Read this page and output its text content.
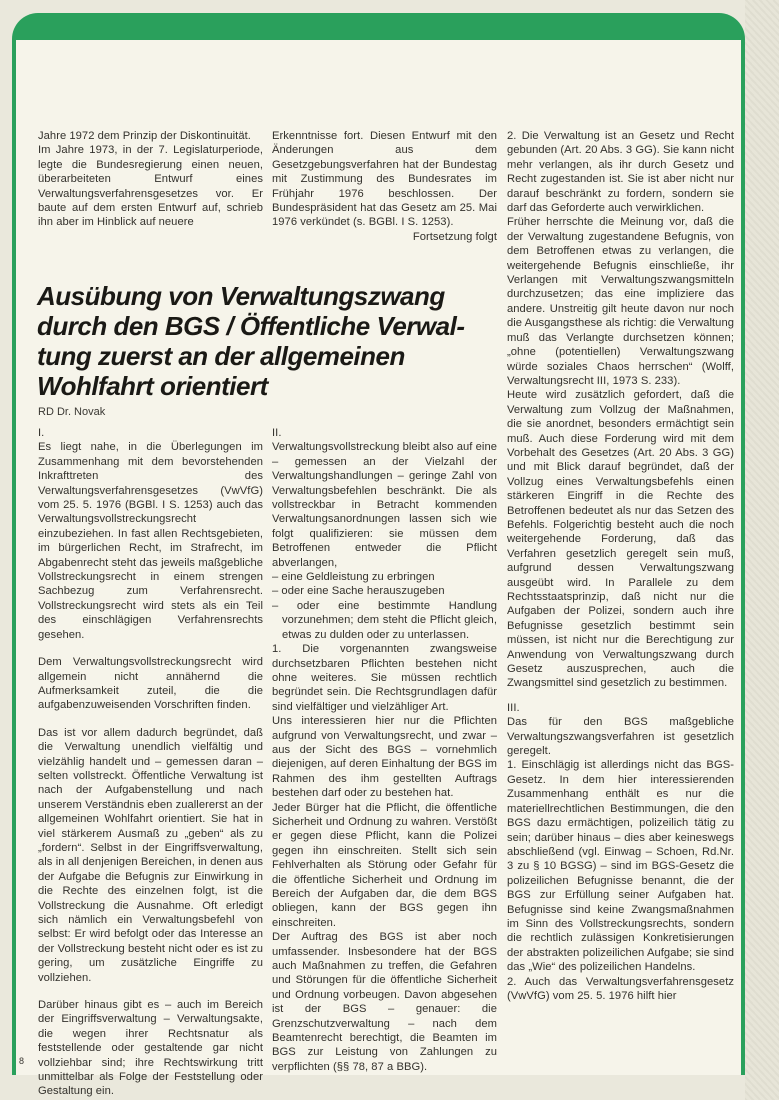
Jahre 1972 dem Prinzip der Diskontinuität.

Im Jahre 1973, in der 7. Legislaturperiode, legte die Bundesregierung einen neuen, überarbeiteten Entwurf eines Verwaltungsverfahrensgesetzes vor. Er baute auf dem ersten Entwurf auf, schrieb ihn aber im Hinblick auf neuere

Erkenntnisse fort. Diesen Entwurf mit den Änderungen aus dem Gesetzgebungsverfahren hat der Bundestag mit Zustimmung des Bundesrates im Frühjahr 1976 beschlossen. Der Bundespräsident hat das Gesetz am 25. Mai 1976 verkündet (s. BGBl. I S. 1253).

Fortsetzung folgt

Ausübung von Verwaltungszwang
durch den BGS / Öffentliche Verwal-
tung zuerst an der allgemeinen
Wohlfahrt orientiert
RD Dr. Novak

I.

Es liegt nahe, in die Überlegungen im Zusammenhang mit dem bevorstehenden Inkrafttreten des Verwaltungsverfahrensgesetzes (VwVfG) vom 25. 5. 1976 (BGBl. I S. 1253) auch das Verwaltungsvollstreckungsrecht einzubeziehen. In fast allen Rechtsgebieten, im bürgerlichen Recht, im Strafrecht, im Abgabenrecht steht das jeweils maßgebliche Vollstreckungsrecht in einem strengen Sachbezug zum Verfahrensrecht. Vollstreckungsrecht wird stets als ein Teil des einschlägigen Verfahrensrechts gesehen.

Dem Verwaltungsvollstreckungsrecht wird allgemein nicht annähernd die Aufmerksamkeit zuteil, die die aufgabenzuweisenden Vorschriften finden.

Das ist vor allem dadurch begründet, daß die Verwaltung unendlich vielfältig und vielzählig handelt und – gemessen daran – selten vollstreckt. Öffentliche Verwaltung ist nach der Aufgabenstellung und nach unserem Verständnis eben zuallererst an der allgemeinen Wohlfahrt orientiert. Sie hat in viel stärkerem Ausmaß zu „geben“ als zu „fordern“. Selbst in der Eingriffsverwaltung, als in all denjenigen Bereichen, in denen aus der Aufgabe die Befugnis zur Einwirkung in die Rechte des einzelnen folgt, ist die Vollstreckung die Ausnahme. Oft erledigt sich nämlich ein Verwaltungsbefehl von selbst: Er wird befolgt oder das Interesse an der Vollstreckung besteht nicht oder es ist zu gering, um zusätzliche Eingriffe zu vollziehen.

Darüber hinaus gibt es – auch im Bereich der Eingriffsverwaltung – Verwaltungsakte, die wegen ihrer Rechtsnatur als feststellende oder gestaltende gar nicht vollziehbar sind; ihre Rechtswirkung tritt unmittelbar als Folge der Feststellung oder Gestaltung ein.

II.

Verwaltungsvollstreckung bleibt also auf eine – gemessen an der Vielzahl der Verwaltungshandlungen – geringe Zahl von Verwaltungsbefehlen beschränkt. Die als vollstreckbar in Betracht kommenden Verwaltungsanordnungen lassen sich wie folgt qualifizieren: sie müssen dem Betroffenen entweder die Pflicht abverlangen,

– eine Geldleistung zu erbringen

– oder eine Sache herauszugeben

– oder eine bestimmte Handlung vorzunehmen; dem steht die Pflicht gleich, etwas zu dulden oder zu unterlassen.

1. Die vorgenannten zwangsweise durchsetzbaren Pflichten bestehen nicht ohne weiteres. Sie müssen rechtlich begründet sein. Die Rechtsgrundlagen dafür sind vielfältiger und vielzähliger Art.

Uns interessieren hier nur die Pflichten aufgrund von Verwaltungsrecht, und zwar – aus der Sicht des BGS – vornehmlich diejenigen, auf deren Einhaltung der BGS im Rahmen des ihm gestellten Auftrags bestehen darf oder zu bestehen hat.

Jeder Bürger hat die Pflicht, die öffentliche Sicherheit und Ordnung zu wahren. Verstößt er gegen diese Pflicht, kann die Polizei gegen ihn einschreiten. Stellt sich sein Fehlverhalten als Störung oder Gefahr für die öffentliche Sicherheit und Ordnung im Bereich der Aufgaben dar, die dem BGS obliegen, kann der BGS gegen ihn einschreiten.

Der Auftrag des BGS ist aber noch umfassender. Insbesondere hat der BGS auch Maßnahmen zu treffen, die Gefahren und Störungen für die öffentliche Sicherheit und Ordnung vorbeugen. Davon abgesehen ist der BGS – genauer: die Grenzschutzverwaltung – nach dem Beamtenrecht berechtigt, die Beamten im BGS zur Leistung von Zahlungen zu verpflichten (§§ 78, 87 a BBG).

2. Die Verwaltung ist an Gesetz und Recht gebunden (Art. 20 Abs. 3 GG). Sie kann nicht mehr verlangen, als ihr durch Gesetz und Recht zugestanden ist. Sie ist aber nicht nur darauf beschränkt zu fordern, sondern sie darf das Geforderte auch verwirklichen.

Früher herrschte die Meinung vor, daß die der Verwaltung zugestandene Befugnis, von dem Betroffenen etwas zu verlangen, die weitergehende Befugnis einschließe, ihr Verlangen mit Verwaltungszwangsmitteln durchzusetzen; das eine impliziere das andere. Unstreitig gilt heute davon nur noch die Ausgangsthese als richtig: die Verwaltung muß das Verlangte durchsetzen können; „ohne (potentiellen) Verwaltungszwang würde soziales Chaos herrschen“ (Wolff, Verwaltungsrecht III, 1973 S. 233).

Heute wird zusätzlich gefordert, daß die Verwaltung zum Vollzug der Maßnahmen, die sie anordnet, besonders ermächtigt sein muß. Auch diese Forderung wird mit dem Vorbehalt des Gesetzes (Art. 20 Abs. 3 GG) und mit Blick darauf begründet, daß der Vollzug eines Verwaltungsbefehls einen stärkeren Eingriff in die Rechte des Betroffenen bedeutet als nur das Setzen des Befehls. Folgerichtig besteht auch die noch weitergehende Forderung, daß das Verfahren gesetzlich geregelt sein muß, aufgrund dessen Verwaltungszwang ausgeübt wird. In Parallele zu dem Rechtsstaatsprinzip, daß nicht nur die Aufgaben der Polizei, sondern auch ihre Befugnisse gesetzlich bestimmt sein müssen, ist nicht nur die Berechtigung zur Anwendung von Verwaltungszwang durch Gesetz auszusprechen, auch die Zwangsmittel sind gesetzlich zu bestimmen.

III.

Das für den BGS maßgebliche Verwaltungszwangsverfahren ist gesetzlich geregelt.

1. Einschlägig ist allerdings nicht das BGS-Gesetz. In dem hier interessierenden Zusammenhang enthält es nur die materiellrechtlichen Bestimmungen, die den BGS dazu ermächtigen, polizeilich tätig zu sein; darüber hinaus – dies aber keineswegs abschließend (vgl. Einwag – Schoen, Rd.Nr. 3 zu § 10 BGSG) – sind im BGS-Gesetz die polizeilichen Befugnisse benannt, die der BGS zur Erfüllung seiner Aufgaben hat. Befugnisse sind keine Zwangsmaßnahmen im Sinn des Vollstreckungsrechts, sondern die rechtlich zulässigen Konkretisierungen der abstrakten polizeilichen Aufgabe; sie sind das „Wie“ des polizeilichen Handelns.

2. Auch das Verwaltungsverfahrensgesetz (VwVfG) vom 25. 5. 1976 hilft hier

8
